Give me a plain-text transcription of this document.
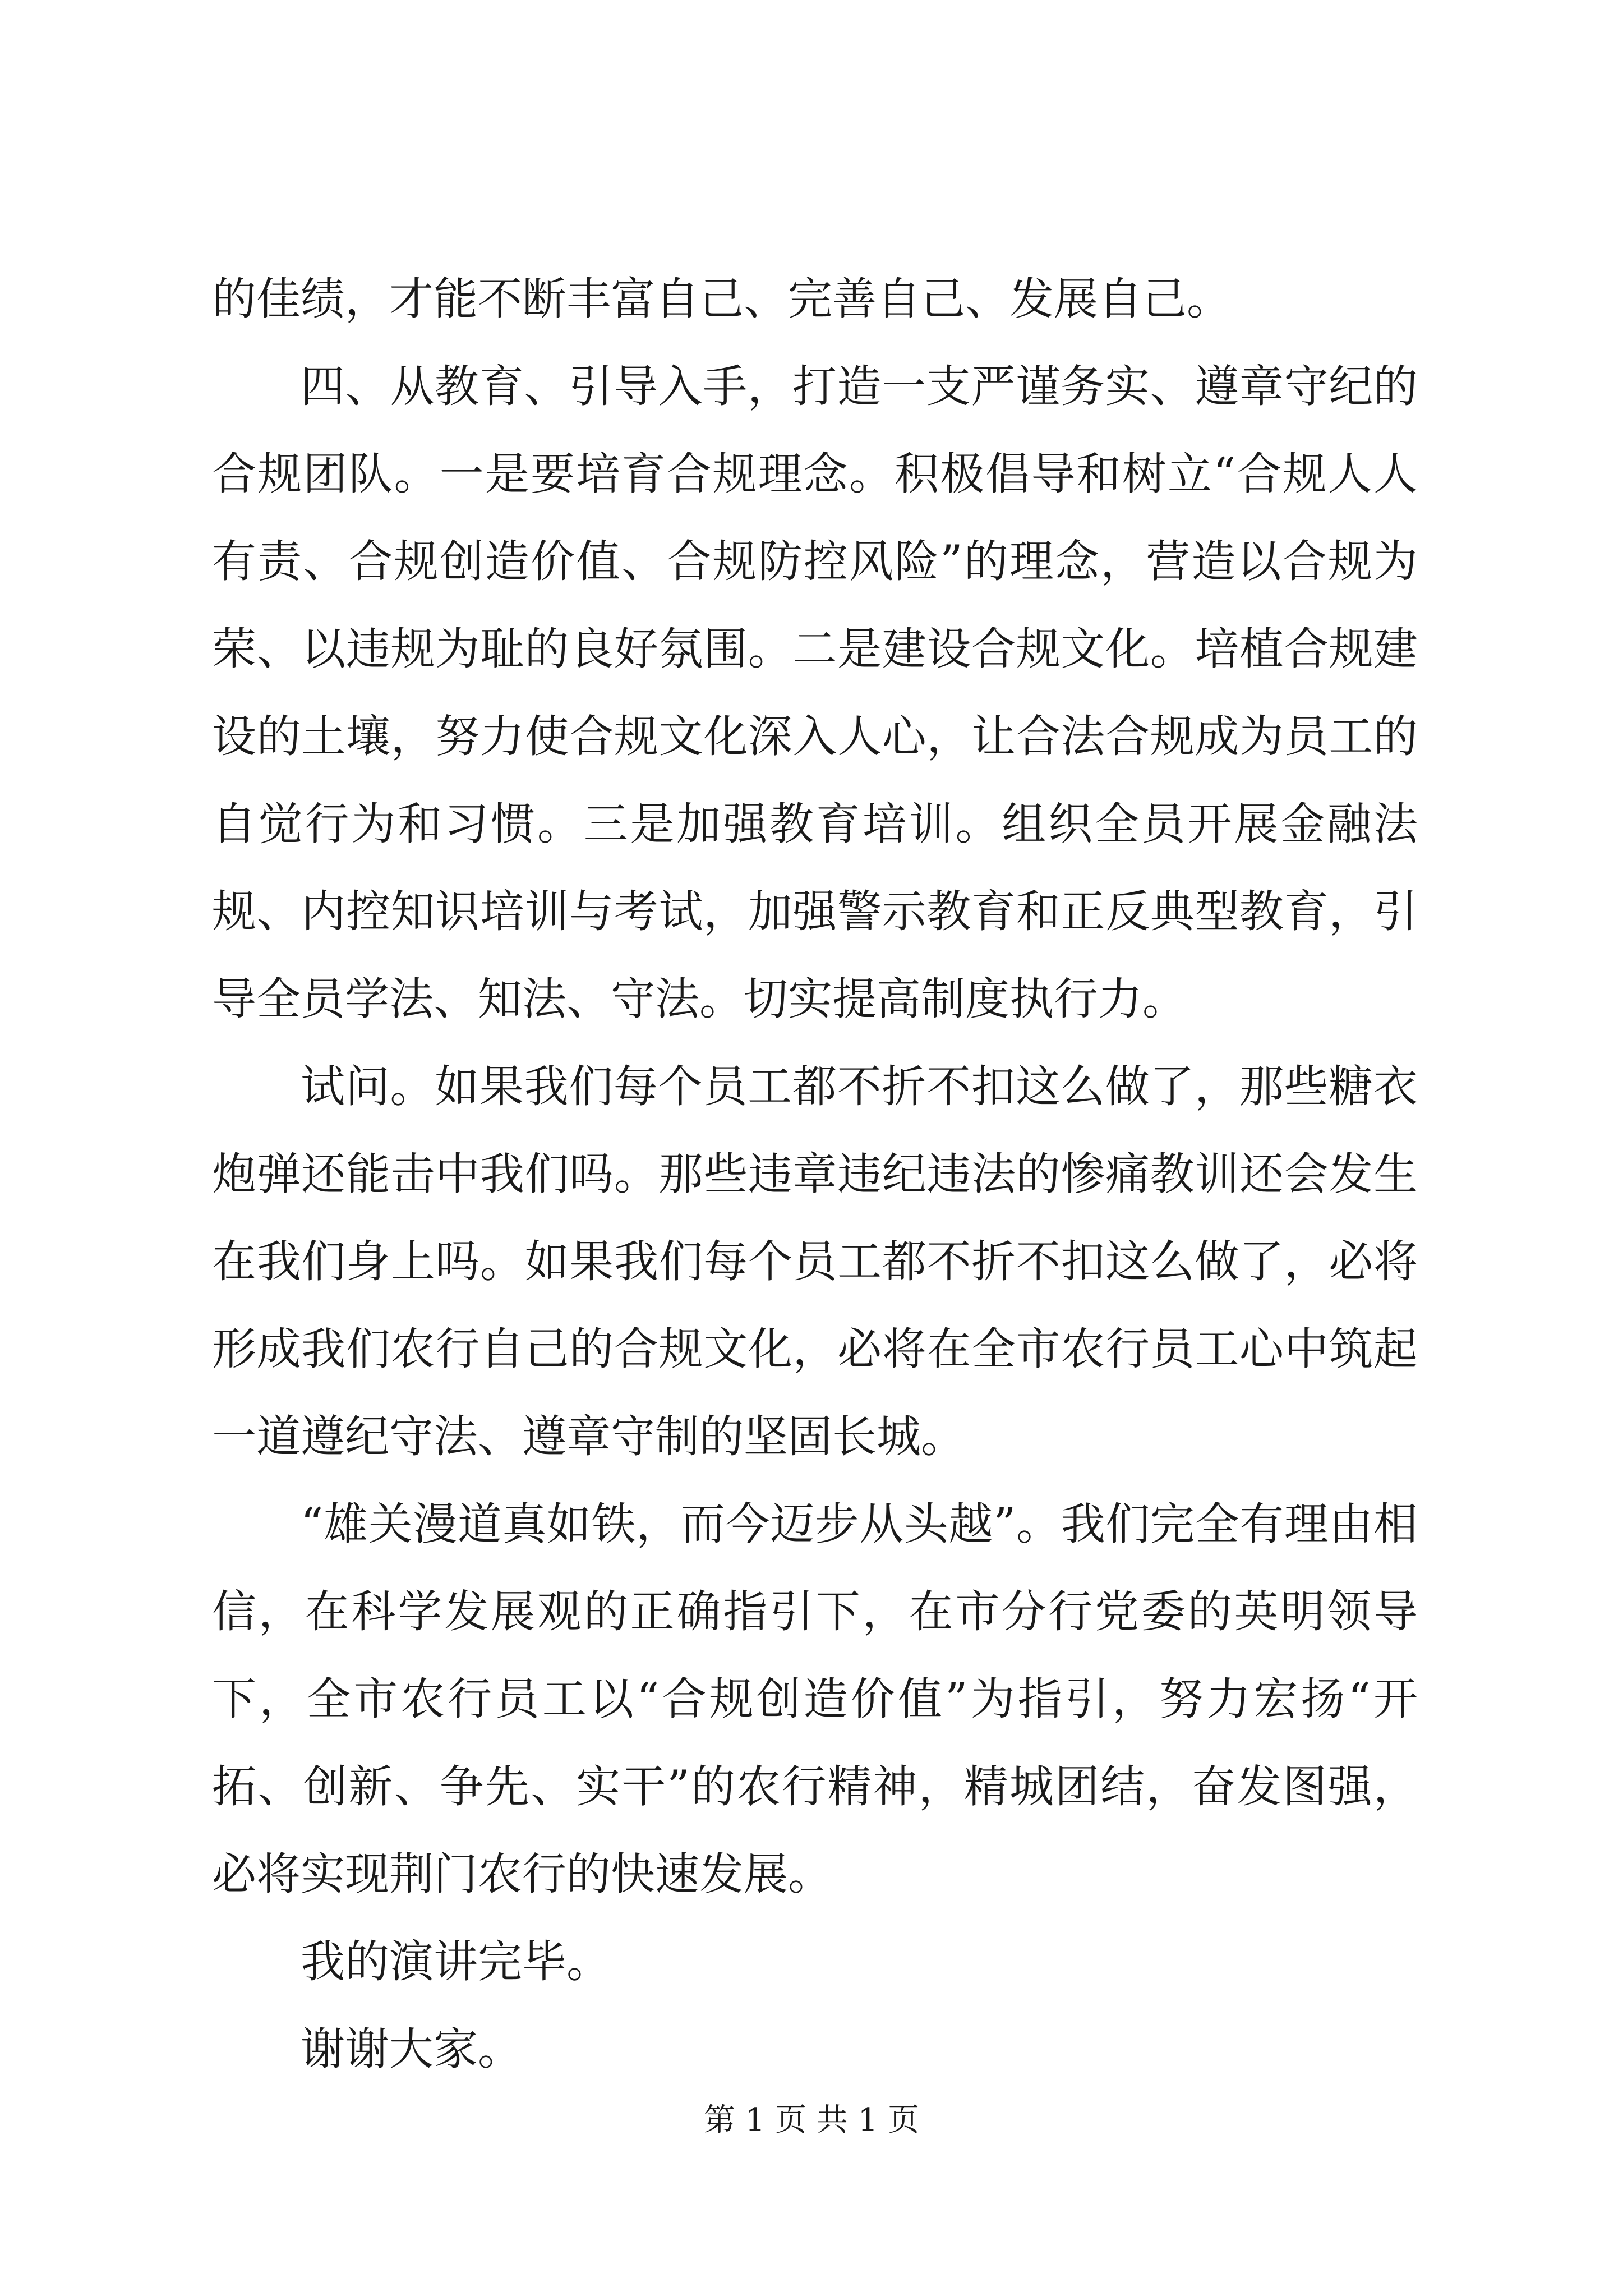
的佳绩，才能不断丰富自己、完善自己、发展自己。

四、从教育、引导入手，打造一支严谨务实、遵章守纪的合规团队。一是要培育合规理念。积极倡导和树立“合规人人有责、合规创造价值、合规防控风险”的理念，营造以合规为荣、以违规为耻的良好氛围。二是建设合规文化。培植合规建设的土壤，努力使合规文化深入人心，让合法合规成为员工的自觉行为和习惯。三是加强教育培训。组织全员开展金融法规、内控知识培训与考试，加强警示教育和正反典型教育，引导全员学法、知法、守法。切实提高制度执行力。

试问。如果我们每个员工都不折不扣这么做了，那些糖衣炮弹还能击中我们吗。那些违章违纪违法的惨痛教训还会发生在我们身上吗。如果我们每个员工都不折不扣这么做了，必将形成我们农行自己的合规文化，必将在全市农行员工心中筑起一道遵纪守法、遵章守制的坚固长城。

“雄关漫道真如铁，而今迈步从头越”。我们完全有理由相信，在科学发展观的正确指引下，在市分行党委的英明领导下，全市农行员工以“合规创造价值”为指引，努力宏扬“开拓、创新、争先、实干”的农行精神，精城团结，奋发图强，必将实现荆门农行的快速发展。

我的演讲完毕。

谢谢大家。

第 1 页 共 1 页
